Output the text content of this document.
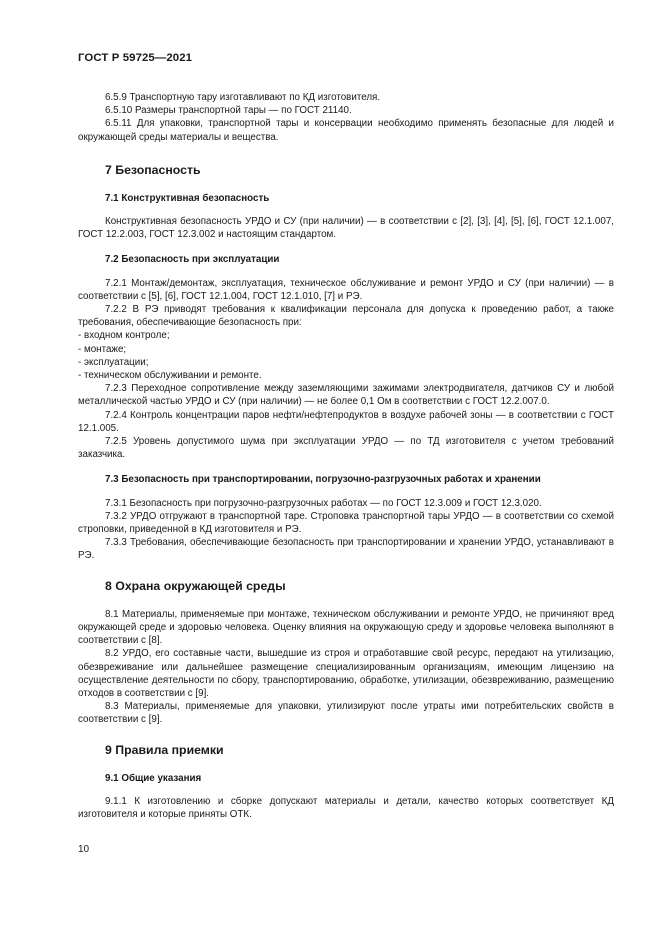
ГОСТ Р 59725—2021

6.5.9 Транспортную тару изготавливают по КД изготовителя.

6.5.10 Размеры транспортной тары — по ГОСТ 21140.

6.5.11 Для упаковки, транспортной тары и консервации необходимо применять безопасные для людей и окружающей среды материалы и вещества.

7 Безопасность
7.1 Конструктивная безопасность

Конструктивная безопасность УРДО и СУ (при наличии) — в соответствии с [2], [3], [4], [5], [6], ГОСТ 12.1.007, ГОСТ 12.2.003, ГОСТ 12.3.002 и настоящим стандартом.

7.2 Безопасность при эксплуатации

7.2.1 Монтаж/демонтаж, эксплуатация, техническое обслуживание и ремонт УРДО и СУ (при наличии) — в соответствии с [5], [6], ГОСТ 12.1.004, ГОСТ 12.1.010, [7] и РЭ.

7.2.2 В РЭ приводят требования к квалификации персонала для допуска к проведению работ, а также требования, обеспечивающие безопасность при:

- входном контроле;

- монтаже;

- эксплуатации;

- техническом обслуживании и ремонте.

7.2.3 Переходное сопротивление между заземляющими зажимами электродвигателя, датчиков СУ и любой металлической частью УРДО и СУ (при наличии) — не более 0,1 Ом в соответствии с ГОСТ 12.2.007.0.

7.2.4 Контроль концентрации паров нефти/нефтепродуктов в воздухе рабочей зоны — в соответствии с ГОСТ 12.1.005.

7.2.5 Уровень допустимого шума при эксплуатации УРДО — по ТД изготовителя с учетом требований заказчика.

7.3 Безопасность при транспортировании, погрузочно-разгрузочных работах и хранении

7.3.1 Безопасность при погрузочно-разгрузочных работах — по ГОСТ 12.3.009 и ГОСТ 12.3.020.

7.3.2 УРДО отгружают в транспортной таре. Строповка транспортной тары УРДО — в соответствии со схемой строповки, приведенной в КД изготовителя и РЭ.

7.3.3 Требования, обеспечивающие безопасность при транспортировании и хранении УРДО, устанавливают в РЭ.

8 Охрана окружающей среды

8.1 Материалы, применяемые при монтаже, техническом обслуживании и ремонте УРДО, не причиняют вред окружающей среде и здоровью человека. Оценку влияния на окружающую среду и здоровье человека выполняют в соответствии с [8].

8.2 УРДО, его составные части, вышедшие из строя и отработавшие свой ресурс, передают на утилизацию, обезвреживание или дальнейшее размещение специализированным организациям, имеющим лицензию на осуществление деятельности по сбору, транспортированию, обработке, утилизации, обезвреживанию, размещению отходов в соответствии с [9].

8.3 Материалы, применяемые для упаковки, утилизируют после утраты ими потребительских свойств в соответствии с [9].

9 Правила приемки
9.1 Общие указания

9.1.1 К изготовлению и сборке допускают материалы и детали, качество которых соответствует КД изготовителя и которые приняты ОТК.

10
